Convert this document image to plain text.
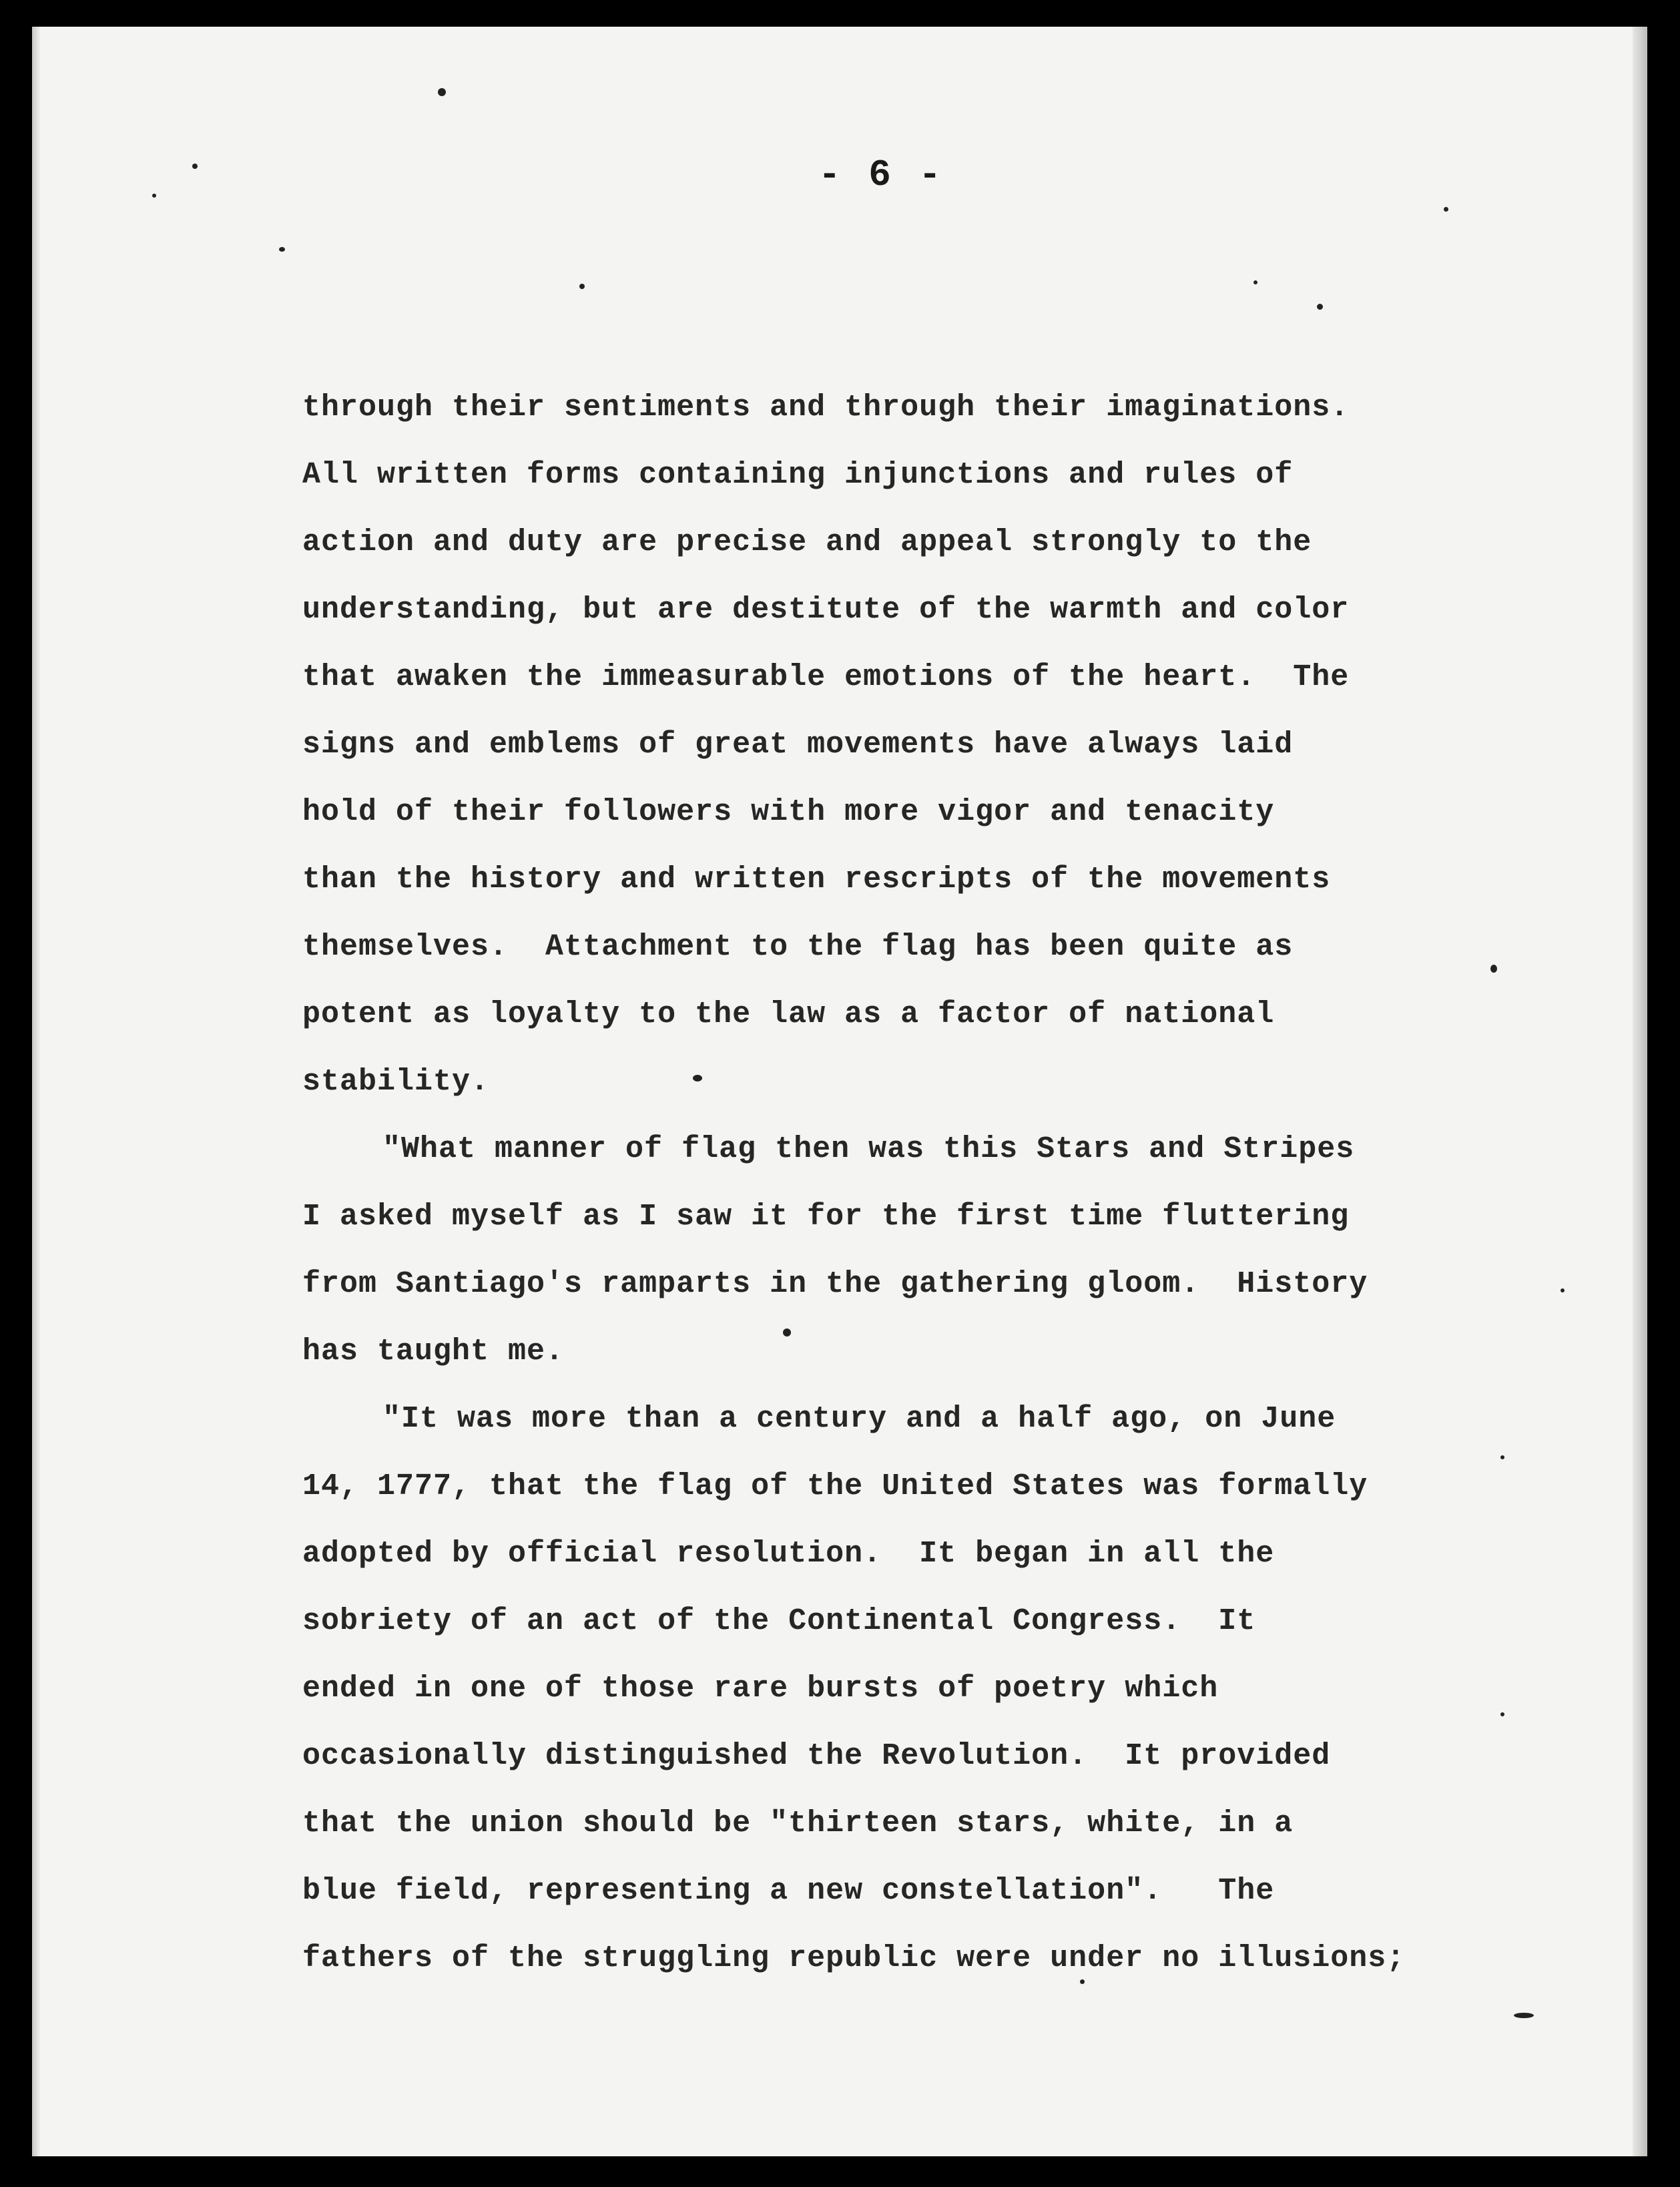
- 6 -
through their sentiments and through their imaginations.
All written forms containing injunctions and rules of
action and duty are precise and appeal strongly to the
understanding, but are destitute of the warmth and color
that awaken the immeasurable emotions of the heart.  The
signs and emblems of great movements have always laid
hold of their followers with more vigor and tenacity
than the history and written rescripts of the movements
themselves.  Attachment to the flag has been quite as
potent as loyalty to the law as a factor of national
stability.
"What manner of flag then was this Stars and Stripes
I asked myself as I saw it for the first time fluttering
from Santiago's ramparts in the gathering gloom.  History
has taught me.
"It was more than a century and a half ago, on June
14, 1777, that the flag of the United States was formally
adopted by official resolution.  It began in all the
sobriety of an act of the Continental Congress.  It
ended in one of those rare bursts of poetry which
occasionally distinguished the Revolution.  It provided
that the union should be "thirteen stars, white, in a
blue field, representing a new constellation".   The
fathers of the struggling republic were under no illusions;
